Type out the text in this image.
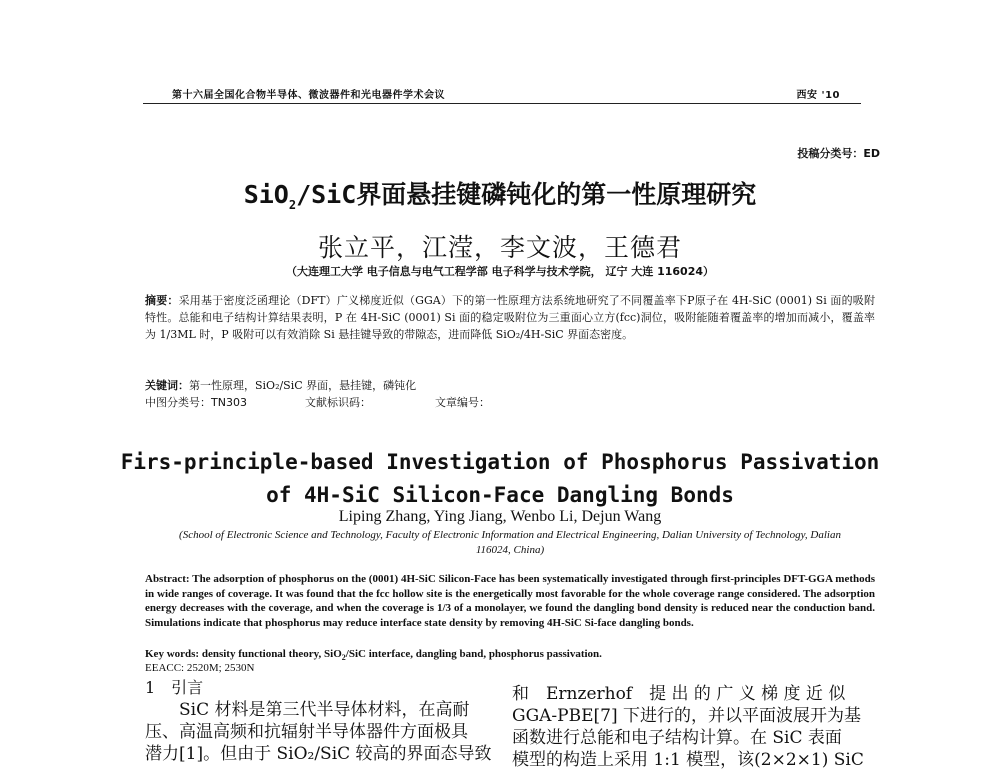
第十六届全国化合物半导体、微波器件和光电器件学术会议	西安 '10
投稿分类号：ED
SiO$_2$/SiC界面悬挂键磷钝化的第一性原理研究
张立平，江滢，李文波，王德君
（大连理工大学 电子信息与电气工程学部 电子科学与技术学院， 辽宁 大连 116024）
摘要：采用基于密度泛函理论（DFT）广义梯度近似（GGA）下的第一性原理方法系统地研究了不同覆盖率下P原子在 4H-SiC (0001) Si 面的吸附特性。总能和电子结构计算结果表明，P 在 4H-SiC (0001) Si 面的稳定吸附位为三重面心立方(fcc)洞位，吸附能随着覆盖率的增加而减小，覆盖率为 1/3ML 时，P 吸附可以有效消除 Si 悬挂键导致的带隙态，进而降低 SiO₂/4H-SiC 界面态密度。
关键词：第一性原理，SiO₂/SiC 界面，悬挂键，磷钝化
中图分类号：TN303	文献标识码：	文章编号：
Firs-principle-based Investigation of Phosphorus Passivation
of 4H-SiC Silicon-Face Dangling Bonds
Liping Zhang, Ying Jiang, Wenbo Li, Dejun Wang
(School of Electronic Science and Technology, Faculty of Electronic Information and Electrical Engineering, Dalian University of Technology, Dalian 116024, China)
Abstract: The adsorption of phosphorus on the (0001) 4H-SiC Silicon-Face has been systematically investigated through first-principles DFT-GGA methods in wide ranges of coverage. It was found that the fcc hollow site is the energetically most favorable for the whole coverage range considered. The adsorption energy decreases with the coverage, and when the coverage is 1/3 of a monolayer, we found the dangling bond density is reduced near the conduction band. Simulations indicate that phosphorus may reduce interface state density by removing 4H-SiC Si-face dangling bonds.
Key words: density functional theory, SiO$_2$/SiC interface, dangling band, phosphorus passivation.
EEACC: 2520M; 2530N
1　引言

SiC 材料是第三代半导体材料，在高耐

压、高温高频和抗辐射半导体器件方面极具
潜力[1]。但由于 SiO₂/SiC 较高的界面态导致
和　Ernzerhof　提 出 的 广 义 梯 度 近 似
GGA-PBE[7] 下进行的，并以平面波展开为基
函数进行总能和电子结构计算。在 SiC 表面
模型的构造上采用 1:1 模型，该(2×2×1) SiC
